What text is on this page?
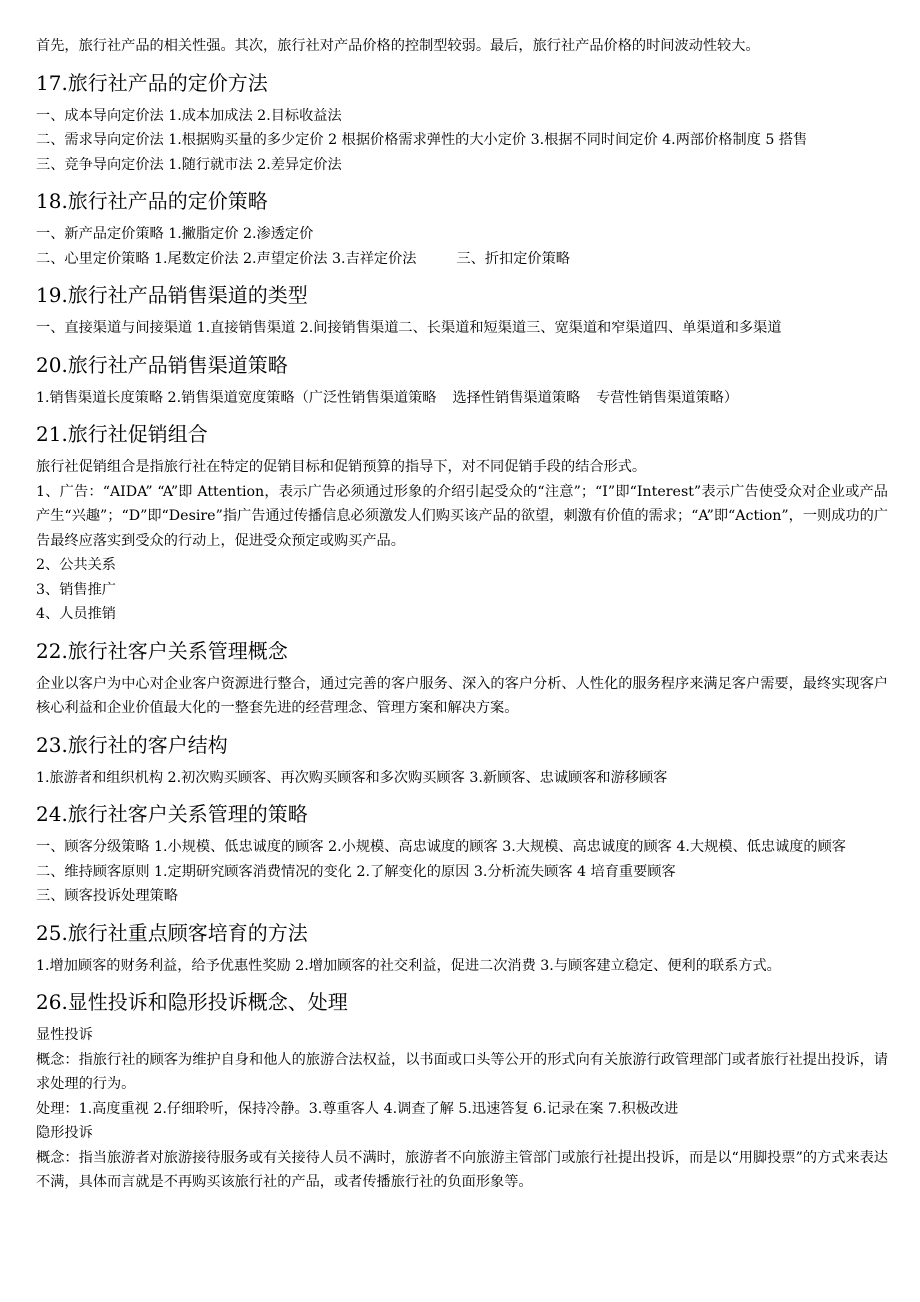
首先，旅行社产品的相关性强。其次，旅行社对产品价格的控制型较弱。最后，旅行社产品价格的时间波动性较大。

17.旅行社产品的定价方法

一、成本导向定价法 1.成本加成法 2.目标收益法

二、需求导向定价法 1.根据购买量的多少定价 2 根据价格需求弹性的大小定价 3.根据不同时间定价 4.两部价格制度 5 搭售

三、竞争导向定价法 1.随行就市法 2.差异定价法

18.旅行社产品的定价策略

一、新产品定价策略 1.撇脂定价 2.渗透定价

二、心里定价策略 1.尾数定价法 2.声望定价法 3.吉祥定价法	三、折扣定价策略

19.旅行社产品销售渠道的类型

一、直接渠道与间接渠道 1.直接销售渠道 2.间接销售渠道二、长渠道和短渠道三、宽渠道和窄渠道四、单渠道和多渠道

20.旅行社产品销售渠道策略

1.销售渠道长度策略 2.销售渠道宽度策略（广泛性销售渠道策略 选择性销售渠道策略 专营性销售渠道策略）

21.旅行社促销组合

旅行社促销组合是指旅行社在特定的促销目标和促销预算的指导下，对不同促销手段的结合形式。

1、广告：“AIDA” “A”即 Attention，表示广告必须通过形象的介绍引起受众的“注意”；“I”即“Interest”表示广告使受众对企业或产品产生“兴趣”；“D”即“Desire”指广告通过传播信息必须激发人们购买该产品的欲望，刺激有价值的需求；“A”即“Action”，一则成功的广告最终应落实到受众的行动上，促进受众预定或购买产品。

2、公共关系

3、销售推广

4、人员推销

22.旅行社客户关系管理概念

企业以客户为中心对企业客户资源进行整合，通过完善的客户服务、深入的客户分析、人性化的服务程序来满足客户需要，最终实现客户核心利益和企业价值最大化的一整套先进的经营理念、管理方案和解决方案。

23.旅行社的客户结构

1.旅游者和组织机构 2.初次购买顾客、再次购买顾客和多次购买顾客 3.新顾客、忠诚顾客和游移顾客

24.旅行社客户关系管理的策略

一、顾客分级策略 1.小规模、低忠诚度的顾客 2.小规模、高忠诚度的顾客 3.大规模、高忠诚度的顾客 4.大规模、低忠诚度的顾客

二、维持顾客原则 1.定期研究顾客消费情况的变化 2.了解变化的原因 3.分析流失顾客 4 培育重要顾客

三、顾客投诉处理策略

25.旅行社重点顾客培育的方法

1.增加顾客的财务利益，给予优惠性奖励 2.增加顾客的社交利益，促进二次消费 3.与顾客建立稳定、便利的联系方式。

26.显性投诉和隐形投诉概念、处理

显性投诉

概念：指旅行社的顾客为维护自身和他人的旅游合法权益，以书面或口头等公开的形式向有关旅游行政管理部门或者旅行社提出投诉，请求处理的行为。

处理：1.高度重视 2.仔细聆听，保持冷静。3.尊重客人 4.调查了解 5.迅速答复 6.记录在案 7.积极改进

隐形投诉

概念：指当旅游者对旅游接待服务或有关接待人员不满时，旅游者不向旅游主管部门或旅行社提出投诉，而是以“用脚投票”的方式来表达不满，具体而言就是不再购买该旅行社的产品，或者传播旅行社的负面形象等。
